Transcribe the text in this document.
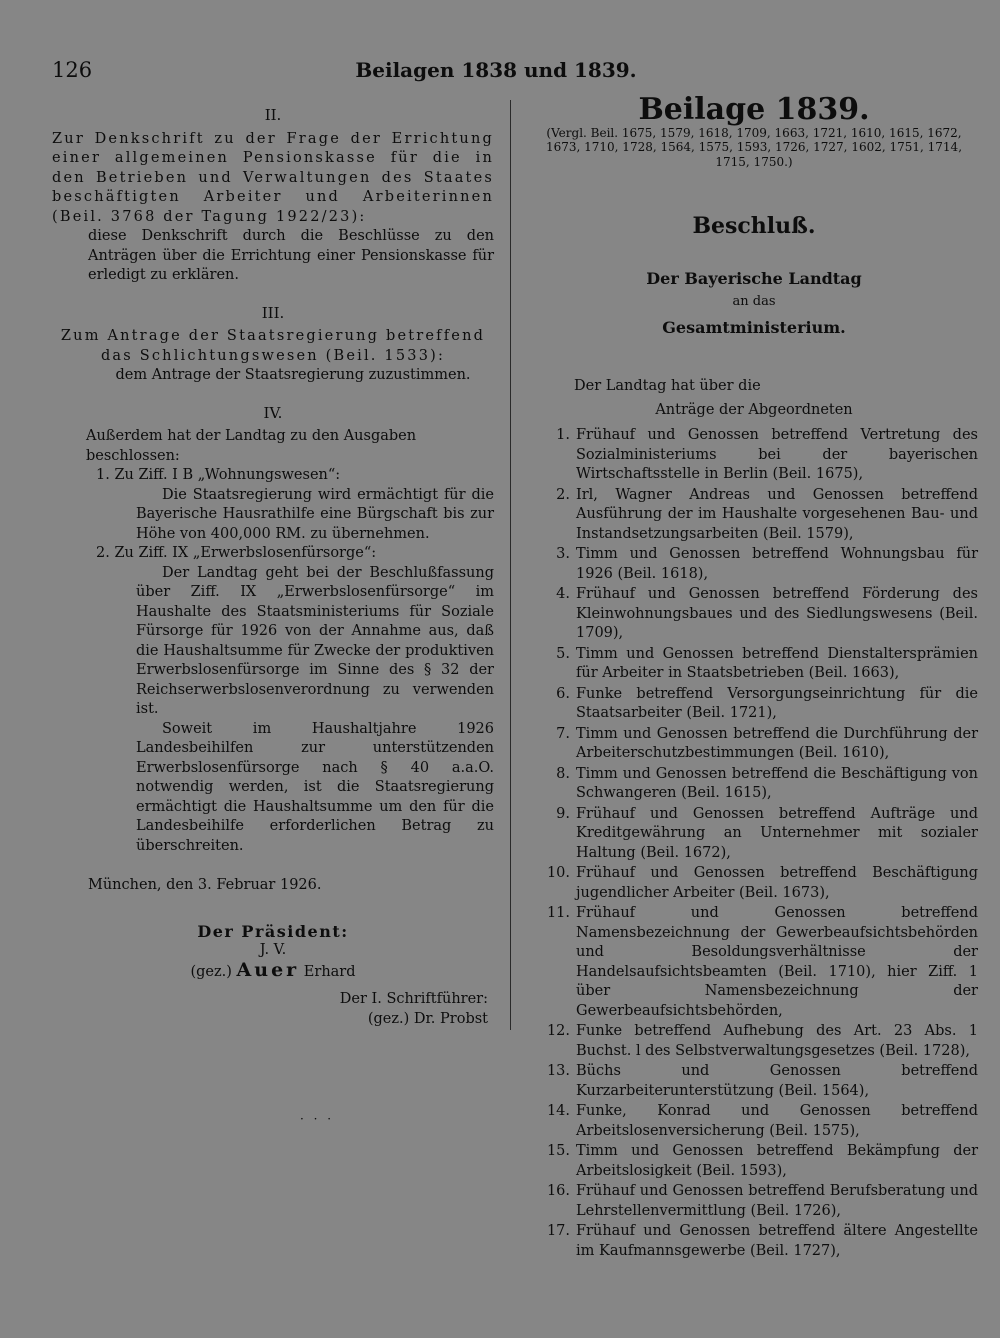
126	Beilagen 1838 und 1839.
II.
Zur Denkschrift zu der Frage der Errichtung einer allgemeinen Pensionskasse für die in den Betrieben und Verwaltungen des Staates beschäftigten Arbeiter und Arbeiterinnen (Beil. 3768 der Tagung 1922/23):
diese Denkschrift durch die Beschlüsse zu den Anträgen über die Errichtung einer Pensionskasse für erledigt zu erklären.
III.
Zum Antrage der Staatsregierung betreffend das Schlichtungswesen (Beil. 1533):
dem Antrage der Staatsregierung zuzustimmen.
IV.
Außerdem hat der Landtag zu den Ausgaben beschlossen:
1. Zu Ziff. I B „Wohnungswesen“:
Die Staatsregierung wird ermächtigt für die Bayerische Hausrathilfe eine Bürgschaft bis zur Höhe von 400,000 RM. zu übernehmen.
2. Zu Ziff. IX „Erwerbslosenfürsorge“:
Der Landtag geht bei der Beschlußfassung über Ziff. IX „Erwerbslosenfürsorge“ im Haushalte des Staatsministeriums für Soziale Fürsorge für 1926 von der Annahme aus, daß die Haushaltsumme für Zwecke der produktiven Erwerbslosenfürsorge im Sinne des § 32 der Reichserwerbslosenverordnung zu verwenden ist.
Soweit im Haushaltjahre 1926 Landesbeihilfen zur unterstützenden Erwerbslosenfürsorge nach § 40 a.a.O. notwendig werden, ist die Staatsregierung ermächtigt die Haushaltsumme um den für die Landesbeihilfe erforderlichen Betrag zu überschreiten.
München, den 3. Februar 1926.
Der Präsident:
J. V.
(gez.) Auer Erhard
Der I. Schriftführer:
(gez.) Dr. Probst
· · ·
Beilage 1839.
(Vergl. Beil. 1675, 1579, 1618, 1709, 1663, 1721, 1610, 1615, 1672, 1673, 1710, 1728, 1564, 1575, 1593, 1726, 1727, 1602, 1751, 1714, 1715, 1750.)
Beschluß.
Der Bayerische Landtag
an das
Gesamtministerium.
Der Landtag hat über die
Anträge der Abgeordneten
1. Frühauf und Genossen betreffend Vertretung des Sozialministeriums bei der bayerischen Wirtschaftsstelle in Berlin (Beil. 1675),
2. Irl, Wagner Andreas und Genossen betreffend Ausführung der im Haushalte vorgesehenen Bau- und Instandsetzungsarbeiten (Beil. 1579),
3. Timm und Genossen betreffend Wohnungsbau für 1926 (Beil. 1618),
4. Frühauf und Genossen betreffend Förderung des Kleinwohnungsbaues und des Siedlungswesens (Beil. 1709),
5. Timm und Genossen betreffend Dienstaltersprämien für Arbeiter in Staatsbetrieben (Beil. 1663),
6. Funke betreffend Versorgungseinrichtung für die Staatsarbeiter (Beil. 1721),
7. Timm und Genossen betreffend die Durchführung der Arbeiterschutzbestimmungen (Beil. 1610),
8. Timm und Genossen betreffend die Beschäftigung von Schwangeren (Beil. 1615),
9. Frühauf und Genossen betreffend Aufträge und Kreditgewährung an Unternehmer mit sozialer Haltung (Beil. 1672),
10. Frühauf und Genossen betreffend Beschäftigung jugendlicher Arbeiter (Beil. 1673),
11. Frühauf und Genossen betreffend Namensbezeichnung der Gewerbeaufsichtsbehörden und Besoldungsverhältnisse der Handelsaufsichtsbeamten (Beil. 1710), hier Ziff. 1 über Namensbezeichnung der Gewerbeaufsichtsbehörden,
12. Funke betreffend Aufhebung des Art. 23 Abs. 1 Buchst. l des Selbstverwaltungsgesetzes (Beil. 1728),
13. Büchs und Genossen betreffend Kurzarbeiterunterstützung (Beil. 1564),
14. Funke, Konrad und Genossen betreffend Arbeitslosenversicherung (Beil. 1575),
15. Timm und Genossen betreffend Bekämpfung der Arbeitslosigkeit (Beil. 1593),
16. Frühauf und Genossen betreffend Berufsberatung und Lehrstellenvermittlung (Beil. 1726),
17. Frühauf und Genossen betreffend ältere Angestellte im Kaufmannsgewerbe (Beil. 1727),
